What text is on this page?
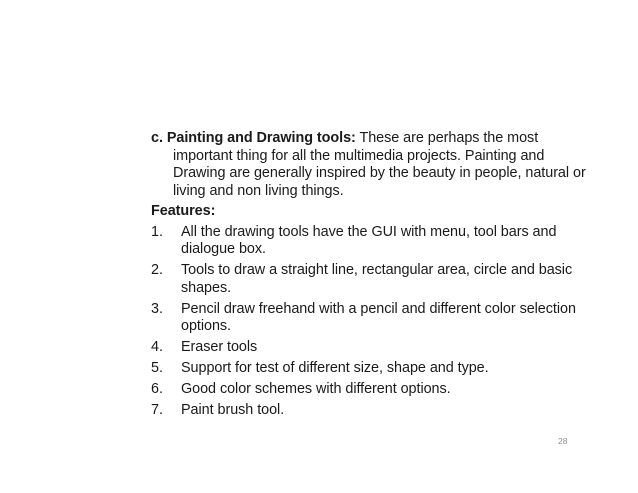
c. Painting and Drawing tools: These are perhaps the most important thing for all the multimedia projects. Painting and Drawing are generally inspired by the beauty in people, natural or living and non living things.

Features:
1. All the drawing tools have the GUI with menu, tool bars and dialogue box.
2. Tools to draw a straight line, rectangular area, circle and basic shapes.
3. Pencil draw freehand with a pencil and different color selection options.
4. Eraser tools
5. Support for test of different size, shape and type.
6. Good color schemes with different options.
7. Paint brush tool.
28
